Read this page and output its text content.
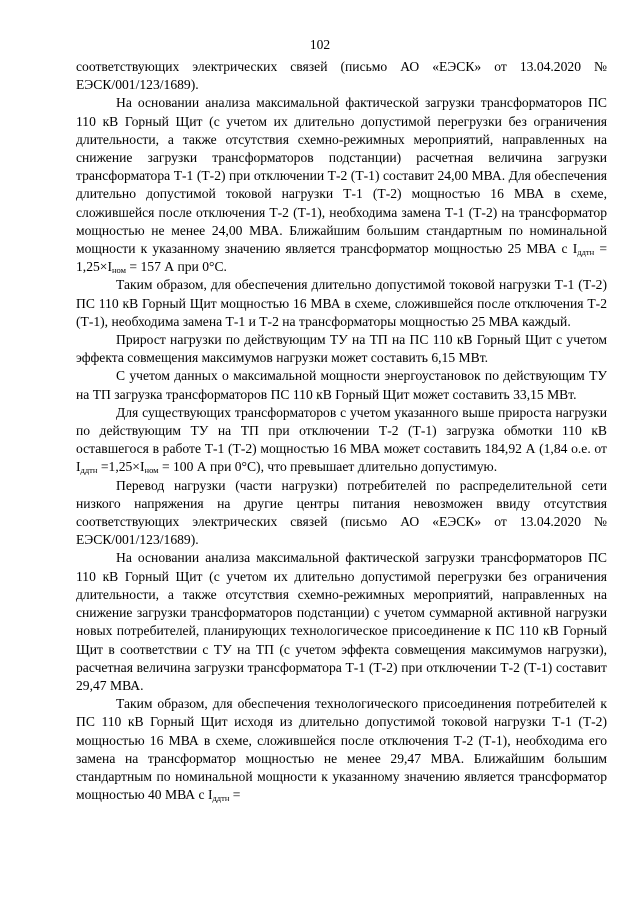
102

соответствующих электрических связей (письмо АО «ЕЭСК» от 13.04.2020 № ЕЭСК/001/123/1689).

На основании анализа максимальной фактической загрузки трансформаторов ПС 110 кВ Горный Щит (с учетом их длительно допустимой перегрузки без ограничения длительности, а также отсутствия схемно-режимных мероприятий, направленных на снижение загрузки трансформаторов подстанции) расчетная величина загрузки трансформатора Т-1 (Т-2) при отключении Т-2 (Т-1) составит 24,00 МВА. Для обеспечения длительно допустимой токовой нагрузки Т-1 (Т-2) мощностью 16 МВА в схеме, сложившейся после отключения Т-2 (Т-1), необходима замена Т-1 (Т-2) на трансформатор мощностью не менее 24,00 МВА. Ближайшим большим стандартным по номинальной мощности к указанному значению является трансформатор мощностью 25 МВА с $I_{ддтн} = 1,25\times I_{ном} = 157$ А при 0°С.

Таким образом, для обеспечения длительно допустимой токовой нагрузки Т-1 (Т-2) ПС 110 кВ Горный Щит мощностью 16 МВА в схеме, сложившейся после отключения Т-2 (Т-1), необходима замена Т-1 и Т-2 на трансформаторы мощностью 25 МВА каждый.

Прирост нагрузки по действующим ТУ на ТП на ПС 110 кВ Горный Щит с учетом эффекта совмещения максимумов нагрузки может составить 6,15 МВт.

С учетом данных о максимальной мощности энергоустановок по действующим ТУ на ТП загрузка трансформаторов ПС 110 кВ Горный Щит может составить 33,15 МВт.

Для существующих трансформаторов с учетом указанного выше прироста нагрузки по действующим ТУ на ТП при отключении Т-2 (Т-1) загрузка обмотки 110 кВ оставшегося в работе Т-1 (Т-2) мощностью 16 МВА может составить 184,92 А (1,84 о.е. от $I_{ддтн} =1,25\times I_{ном} = 100$ А при 0°С), что превышает длительно допустимую.

Перевод нагрузки (части нагрузки) потребителей по распределительной сети низкого напряжения на другие центры питания невозможен ввиду отсутствия соответствующих электрических связей (письмо АО «ЕЭСК» от 13.04.2020 № ЕЭСК/001/123/1689).

На основании анализа максимальной фактической загрузки трансформаторов ПС 110 кВ Горный Щит (с учетом их длительно допустимой перегрузки без ограничения длительности, а также отсутствия схемно-режимных мероприятий, направленных на снижение загрузки трансформаторов подстанции) с учетом суммарной активной нагрузки новых потребителей, планирующих технологическое присоединение к ПС 110 кВ Горный Щит в соответствии с ТУ на ТП (с учетом эффекта совмещения максимумов нагрузки), расчетная величина загрузки трансформатора Т-1 (Т-2) при отключении Т-2 (Т-1) составит 29,47 МВА.

Таким образом, для обеспечения технологического присоединения потребителей к ПС 110 кВ Горный Щит исходя из длительно допустимой токовой нагрузки Т-1 (Т-2) мощностью 16 МВА в схеме, сложившейся после отключения Т-2 (Т-1), необходима его замена на трансформатор мощностью не менее 29,47 МВА. Ближайшим большим стандартным по номинальной мощности к указанному значению является трансформатор мощностью 40 МВА с $I_{ддтн}$ =
